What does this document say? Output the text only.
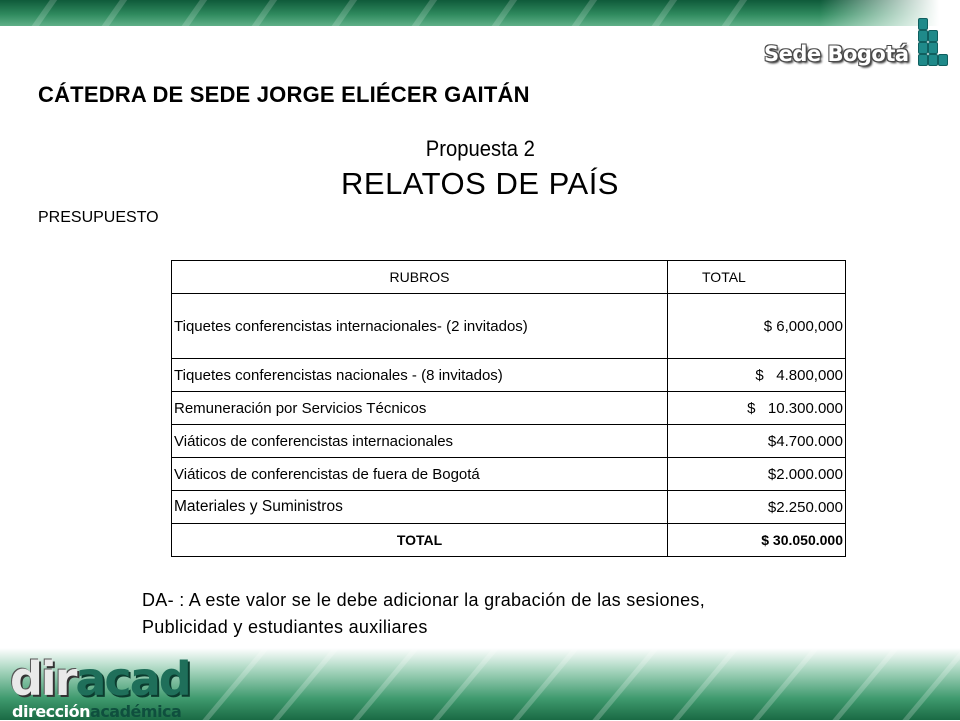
Sede Bogotá
CÁTEDRA DE SEDE JORGE ELIÉCER GAITÁN
Propuesta 2
RELATOS DE PAÍS
PRESUPUESTO
RUBROS	TOTAL
Tiquetes conferencistas internacionales- (2 invitados)	$ 6,000,000
Tiquetes conferencistas nacionales - (8 invitados)	$   4.800,000
Remuneración por Servicios Técnicos	$   10.300.000
Viáticos de conferencistas internacionales	$4.700.000
Viáticos de conferencistas de fuera de Bogotá	$2.000.000
Materiales y Suministros	$2.250.000
TOTAL	$ 30.050.000
DA- : A este valor se le debe adicionar la grabación de las sesiones,
Publicidad y estudiantes auxiliares
diracad
direcciónacadémica
